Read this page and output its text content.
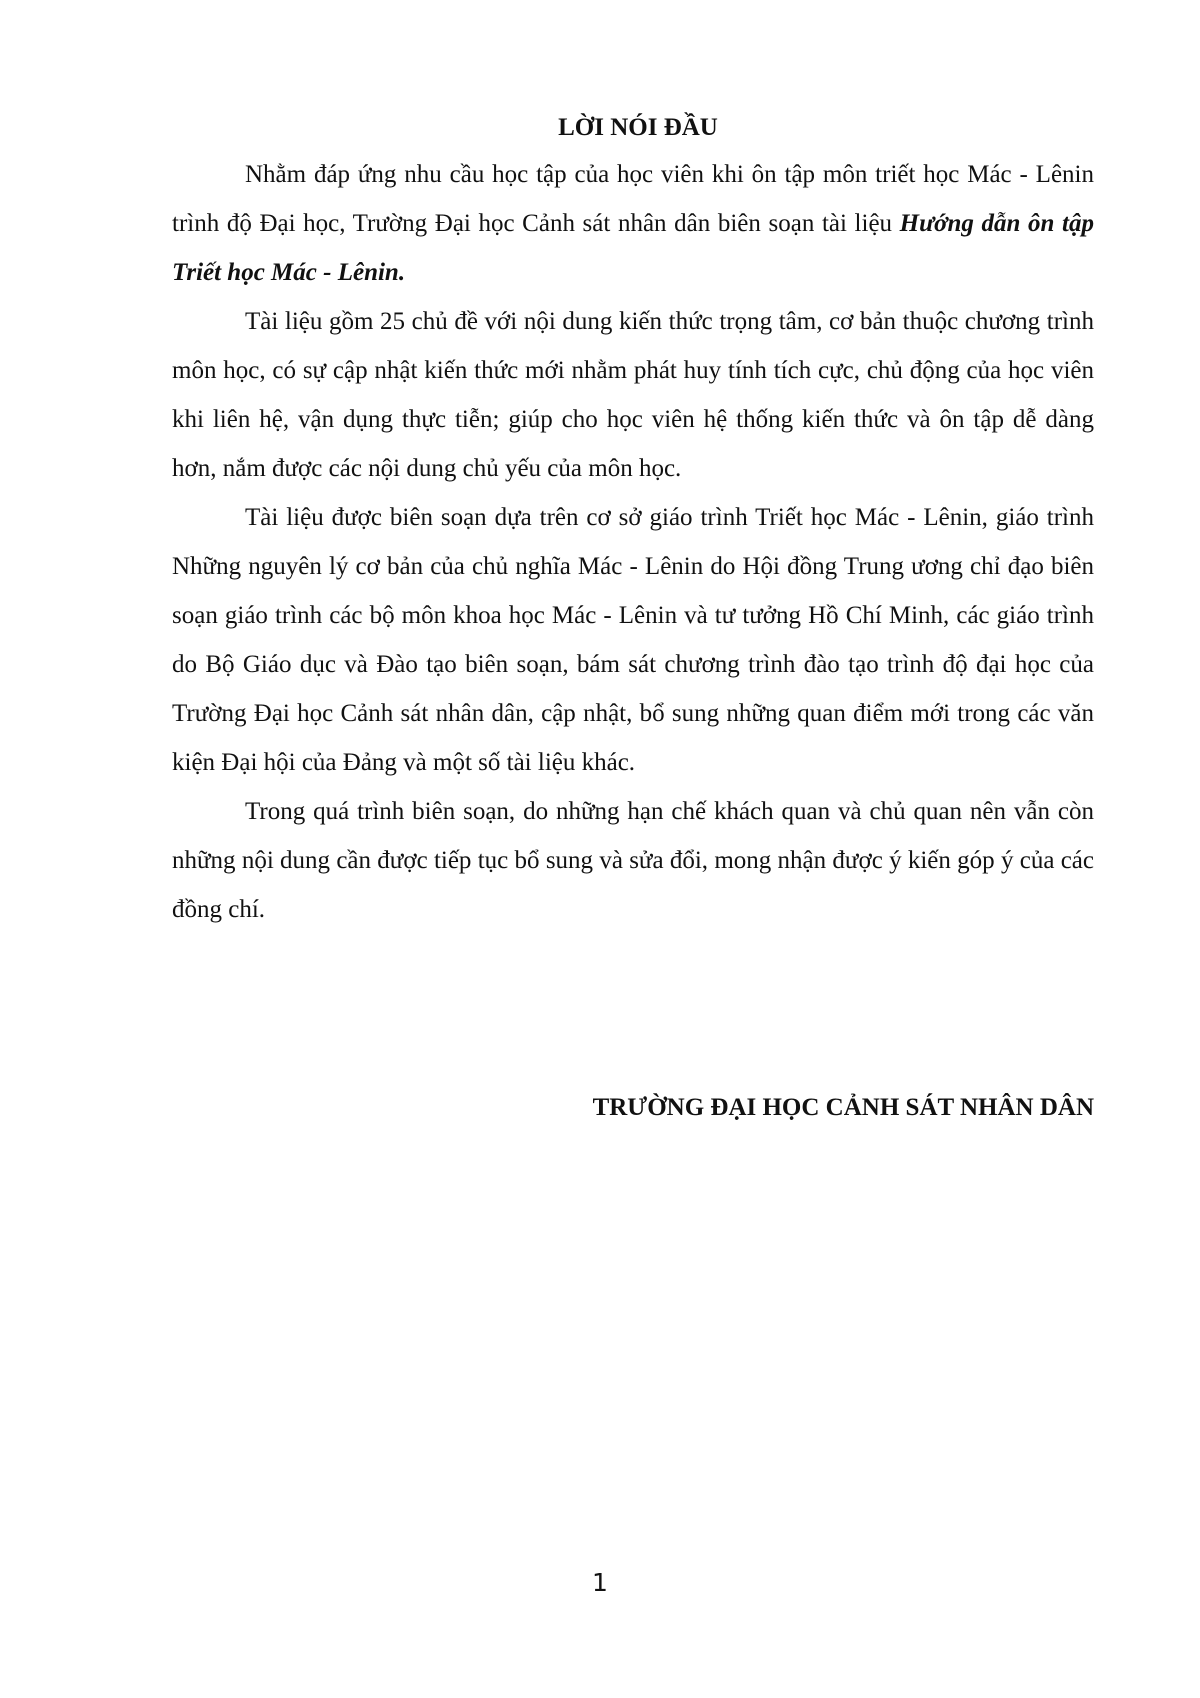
LỜI NÓI ĐẦU

Nhằm đáp ứng nhu cầu học tập của học viên khi ôn tập môn triết học Mác - Lênin trình độ Đại học, Trường Đại học Cảnh sát nhân dân biên soạn tài liệu Hướng dẫn ôn tập Triết học Mác - Lênin.

Tài liệu gồm 25 chủ đề với nội dung kiến thức trọng tâm, cơ bản thuộc chương trình môn học, có sự cập nhật kiến thức mới nhằm phát huy tính tích cực, chủ động của học viên khi liên hệ, vận dụng thực tiễn; giúp cho học viên hệ thống kiến thức và ôn tập dễ dàng hơn, nắm được các nội dung chủ yếu của môn học.

Tài liệu được biên soạn dựa trên cơ sở giáo trình Triết học Mác - Lênin, giáo trình Những nguyên lý cơ bản của chủ nghĩa Mác - Lênin do Hội đồng Trung ương chỉ đạo biên soạn giáo trình các bộ môn khoa học Mác - Lênin và tư tưởng Hồ Chí Minh, các giáo trình do Bộ Giáo dục và Đào tạo biên soạn, bám sát chương trình đào tạo trình độ đại học của Trường Đại học Cảnh sát nhân dân, cập nhật, bổ sung những quan điểm mới trong các văn kiện Đại hội của Đảng và một số tài liệu khác.

Trong quá trình biên soạn, do những hạn chế khách quan và chủ quan nên vẫn còn những nội dung cần được tiếp tục bổ sung và sửa đổi, mong nhận được ý kiến góp ý của các đồng chí.

TRƯỜNG ĐẠI HỌC CẢNH SÁT NHÂN DÂN
1
